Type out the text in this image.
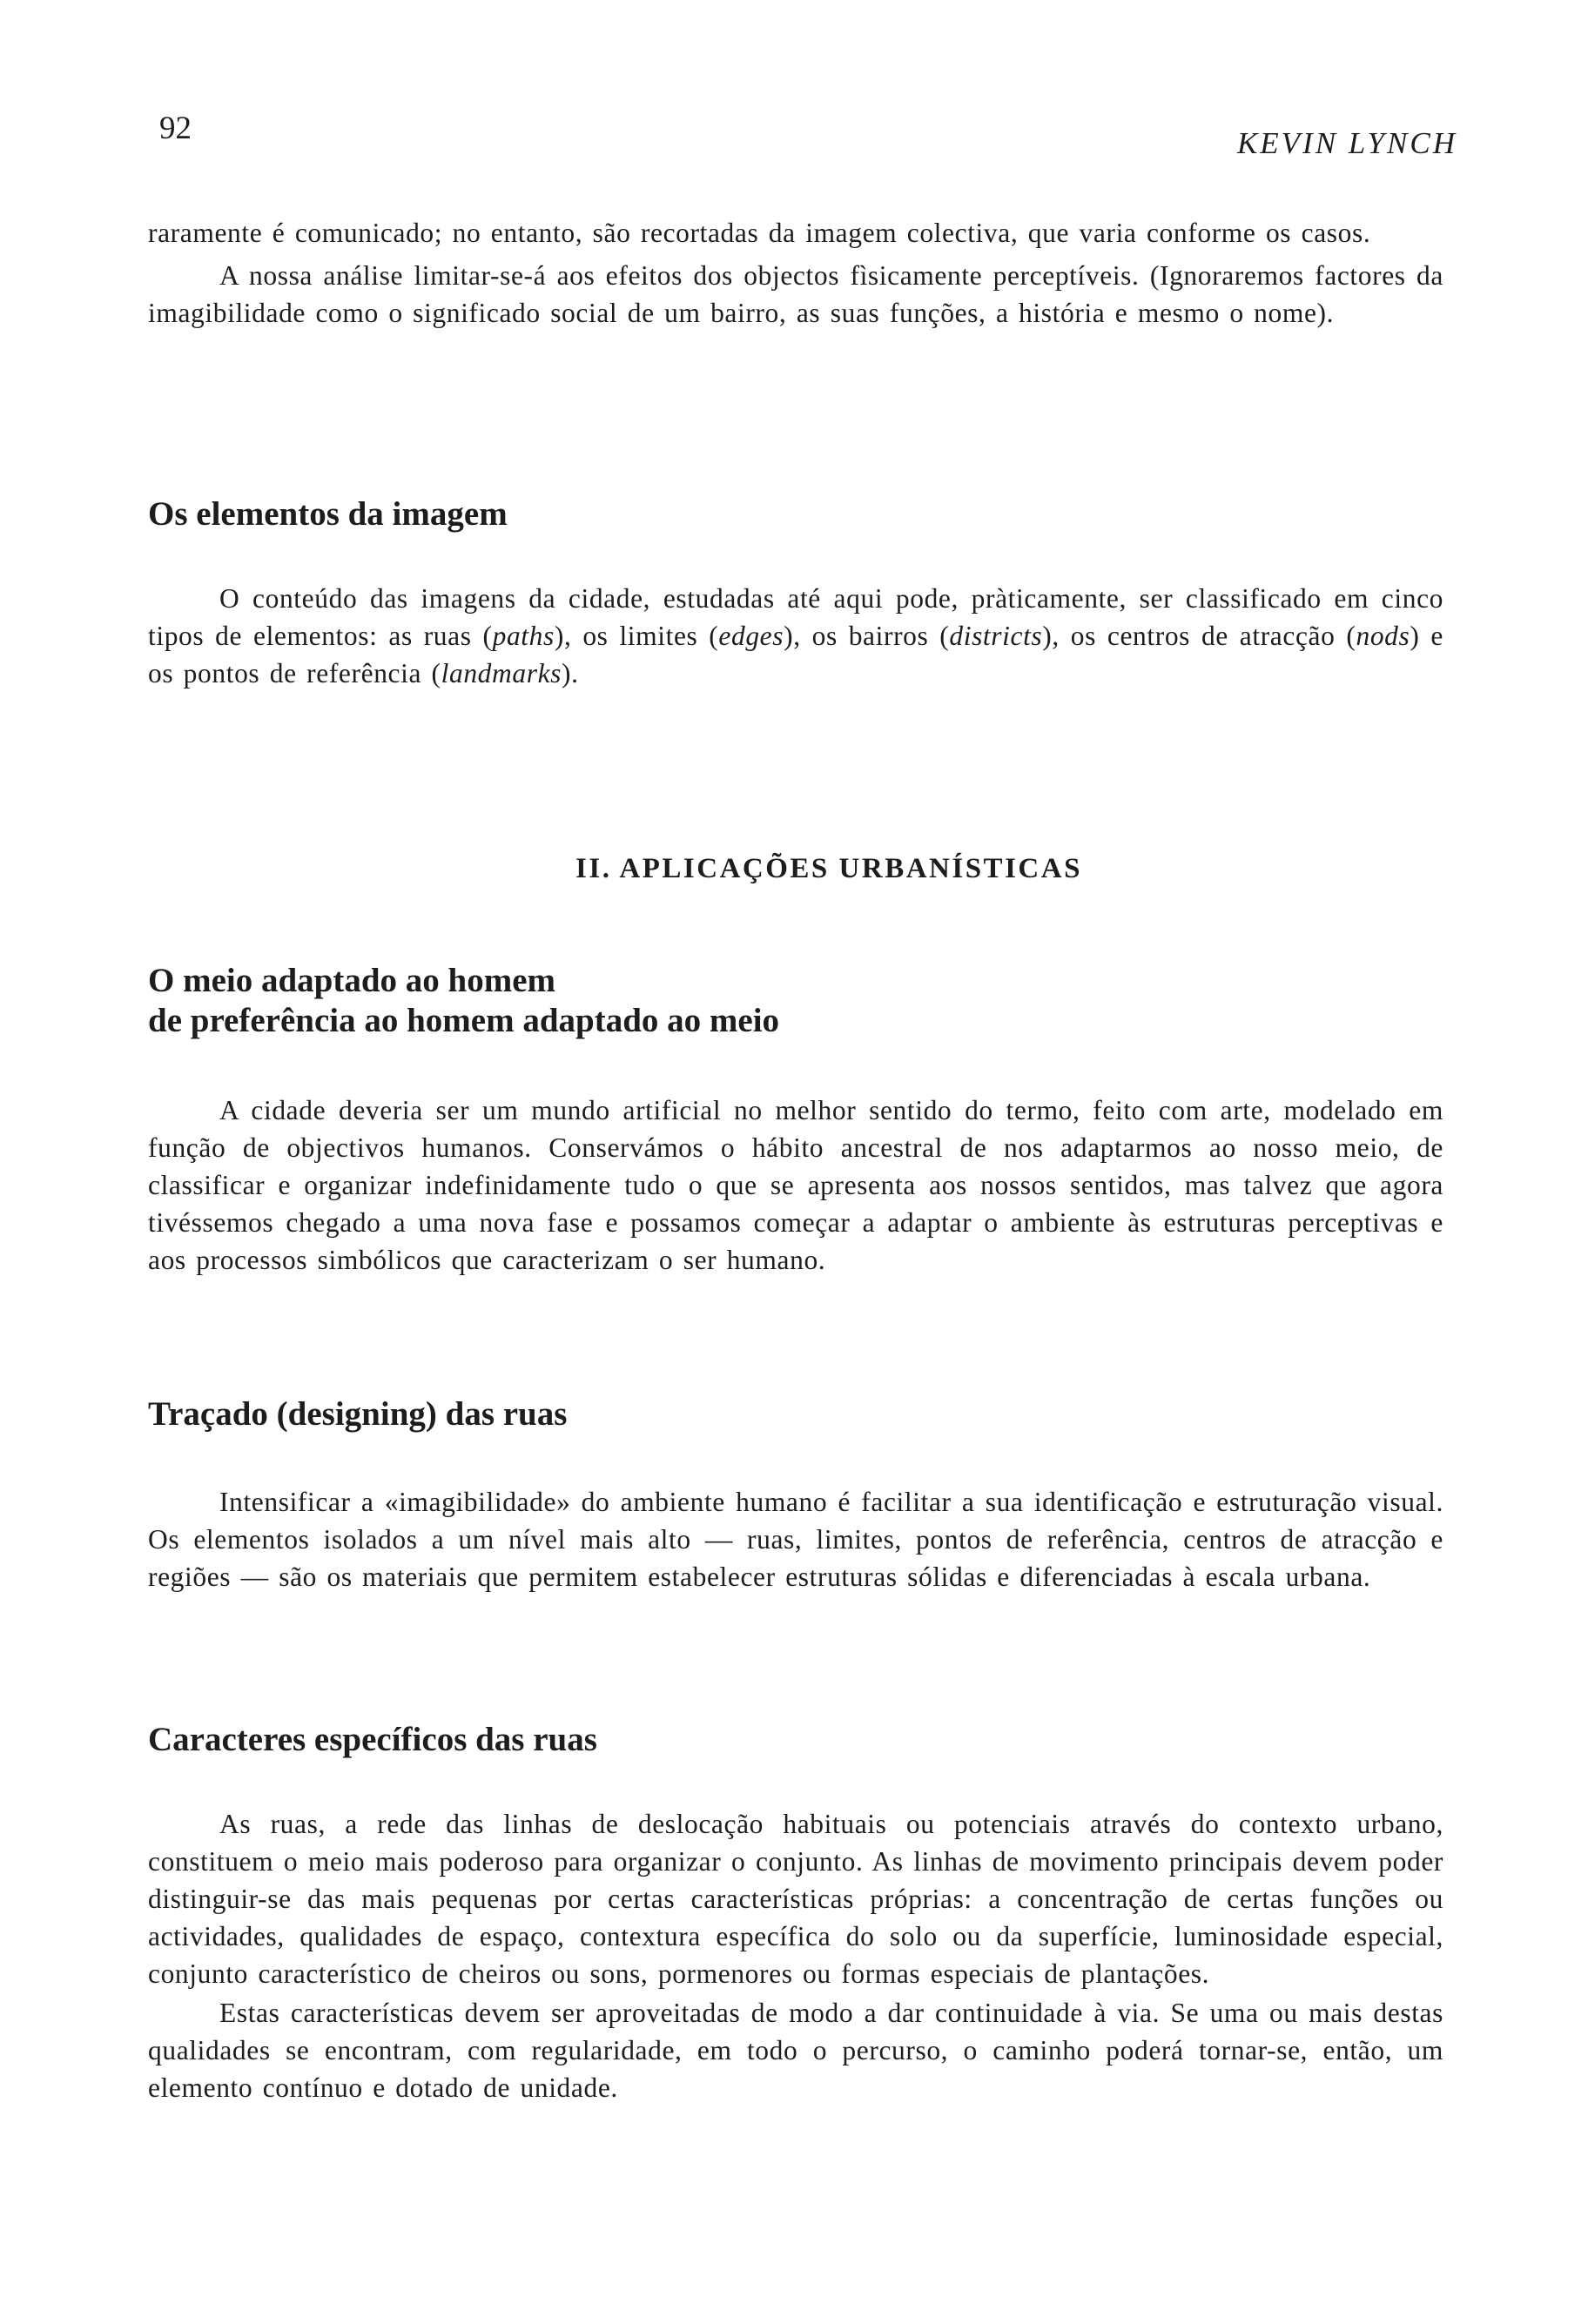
92	KEVIN LYNCH

raramente é comunicado; no entanto, são recortadas da imagem colectiva, que varia conforme os casos.

A nossa análise limitar-se-á aos efeitos dos objectos fìsicamente perceptíveis. (Ignoraremos factores da imagibilidade como o significado social de um bairro, as suas funções, a história e mesmo o nome).

Os elementos da imagem

O conteúdo das imagens da cidade, estudadas até aqui pode, pràticamente, ser classificado em cinco tipos de elementos: as ruas (paths), os limites (edges), os bairros (districts), os centros de atracção (nods) e os pontos de referência (landmarks).

II. APLICAÇÕES URBANÍSTICAS
O meio adaptado ao homem
de preferência ao homem adaptado ao meio

A cidade deveria ser um mundo artificial no melhor sentido do termo, feito com arte, modelado em função de objectivos humanos. Conservámos o hábito ancestral de nos adaptarmos ao nosso meio, de classificar e organizar indefinidamente tudo o que se apresenta aos nossos sentidos, mas talvez que agora tivéssemos chegado a uma nova fase e possamos começar a adaptar o ambiente às estruturas perceptivas e aos processos simbólicos que caracterizam o ser humano.

Traçado (designing) das ruas

Intensificar a «imagibilidade» do ambiente humano é facilitar a sua identificação e estruturação visual. Os elementos isolados a um nível mais alto — ruas, limites, pontos de referência, centros de atracção e regiões — são os materiais que permitem estabelecer estruturas sólidas e diferenciadas à escala urbana.

Caracteres específicos das ruas

As ruas, a rede das linhas de deslocação habituais ou potenciais através do contexto urbano, constituem o meio mais poderoso para organizar o conjunto. As linhas de movimento principais devem poder distinguir-se das mais pequenas por certas características próprias: a concentração de certas funções ou actividades, qualidades de espaço, contextura específica do solo ou da superfície, luminosidade especial, conjunto característico de cheiros ou sons, pormenores ou formas especiais de plantações.

Estas características devem ser aproveitadas de modo a dar continuidade à via. Se uma ou mais destas qualidades se encontram, com regularidade, em todo o percurso, o caminho poderá tornar-se, então, um elemento contínuo e dotado de unidade.
